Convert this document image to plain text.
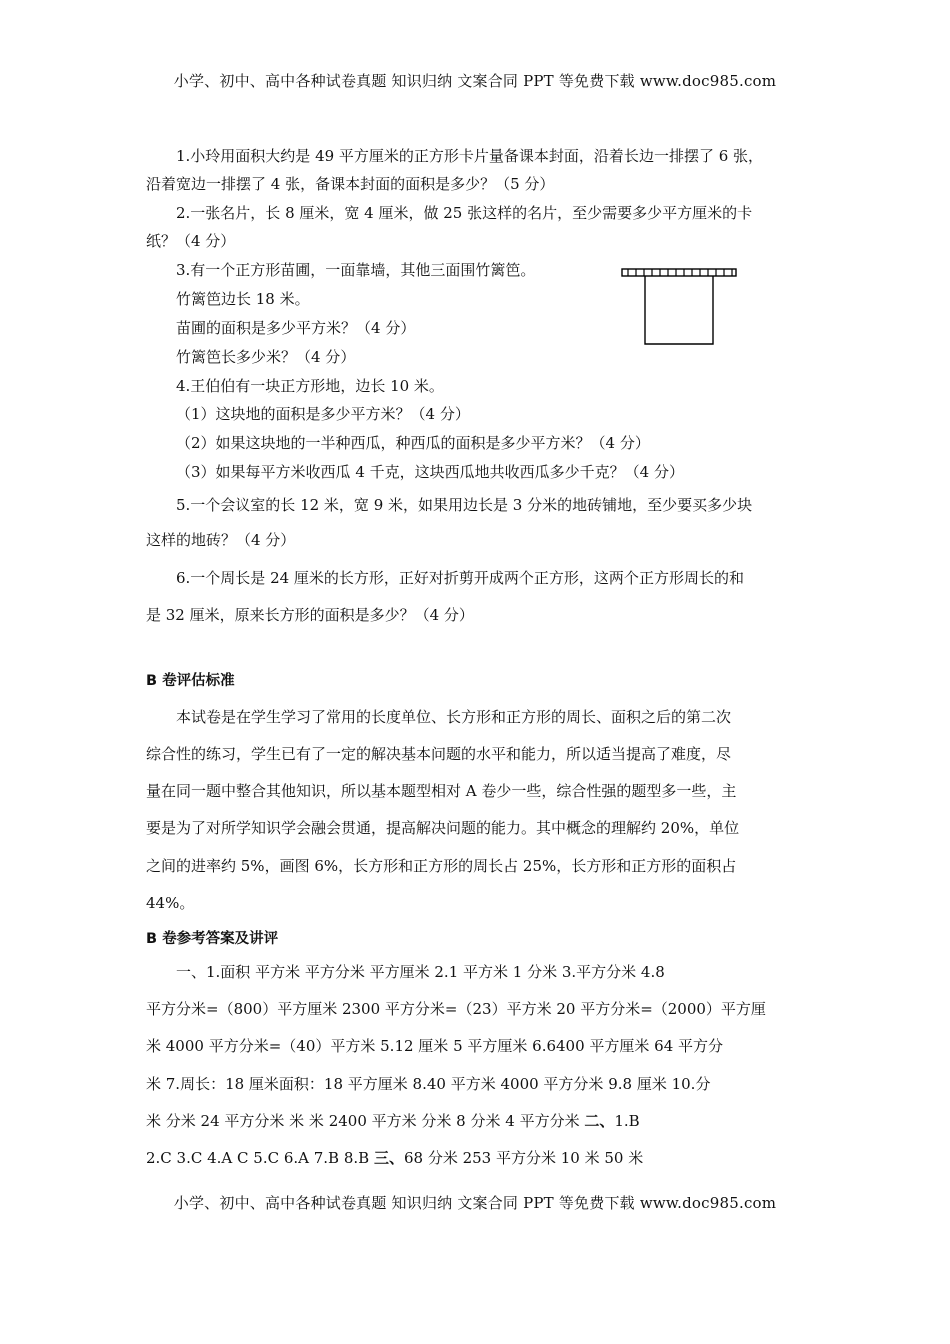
小学、初中、高中各种试卷真题 知识归纳 文案合同 PPT 等免费下载 www.doc985.com
1.小玲用面积大约是 49 平方厘米的正方形卡片量备课本封面，沿着长边一排摆了 6 张，
沿着宽边一排摆了 4 张，备课本封面的面积是多少？（5 分）
2.一张名片，长 8 厘米，宽 4 厘米，做 25 张这样的名片，至少需要多少平方厘米的卡
纸？（4 分）
3.有一个正方形苗圃，一面靠墙，其他三面围竹篱笆。
竹篱笆边长 18 米。
苗圃的面积是多少平方米？（4 分）
竹篱笆长多少米？（4 分）
4.王伯伯有一块正方形地，边长 10 米。
（1）这块地的面积是多少平方米？（4 分）
（2）如果这块地的一半种西瓜，种西瓜的面积是多少平方米？（4 分）
（3）如果每平方米收西瓜 4 千克，这块西瓜地共收西瓜多少千克？（4 分）
5.一个会议室的长 12 米，宽 9 米，如果用边长是 3 分米的地砖铺地，至少要买多少块
这样的地砖？（4 分）
6.一个周长是 24 厘米的长方形，正好对折剪开成两个正方形，这两个正方形周长的和
是 32 厘米，原来长方形的面积是多少？（4 分）
B 卷评估标准
本试卷是在学生学习了常用的长度单位、长方形和正方形的周长、面积之后的第二次
综合性的练习，学生已有了一定的解决基本问题的水平和能力，所以适当提高了难度，尽
量在同一题中整合其他知识，所以基本题型相对 A 卷少一些，综合性强的题型多一些，主
要是为了对所学知识学会融会贯通，提高解决问题的能力。其中概念的理解约 20%，单位
之间的进率约 5%，画图 6%，长方形和正方形的周长占 25%，长方形和正方形的面积占
44%。
B 卷参考答案及讲评
一、1.面积 平方米 平方分米 平方厘米 2.1 平方米 1 分米 3.平方分米 4.8
平方分米=（800）平方厘米 2300 平方分米=（23）平方米 20 平方分米=（2000）平方厘
米 4000 平方分米=（40）平方米 5.12 厘米 5 平方厘米 6.6400 平方厘米 64 平方分
米 7.周长：18 厘米面积：18 平方厘米 8.40 平方米 4000 平方分米 9.8 厘米 10.分
米 分米 24 平方分米 米 米 2400 平方米 分米 8 分米 4 平方分米 二、1.B
2.C 3.C 4.A C 5.C 6.A 7.B 8.B 三、68 分米 253 平方分米 10 米 50 米
小学、初中、高中各种试卷真题 知识归纳 文案合同 PPT 等免费下载 www.doc985.com
